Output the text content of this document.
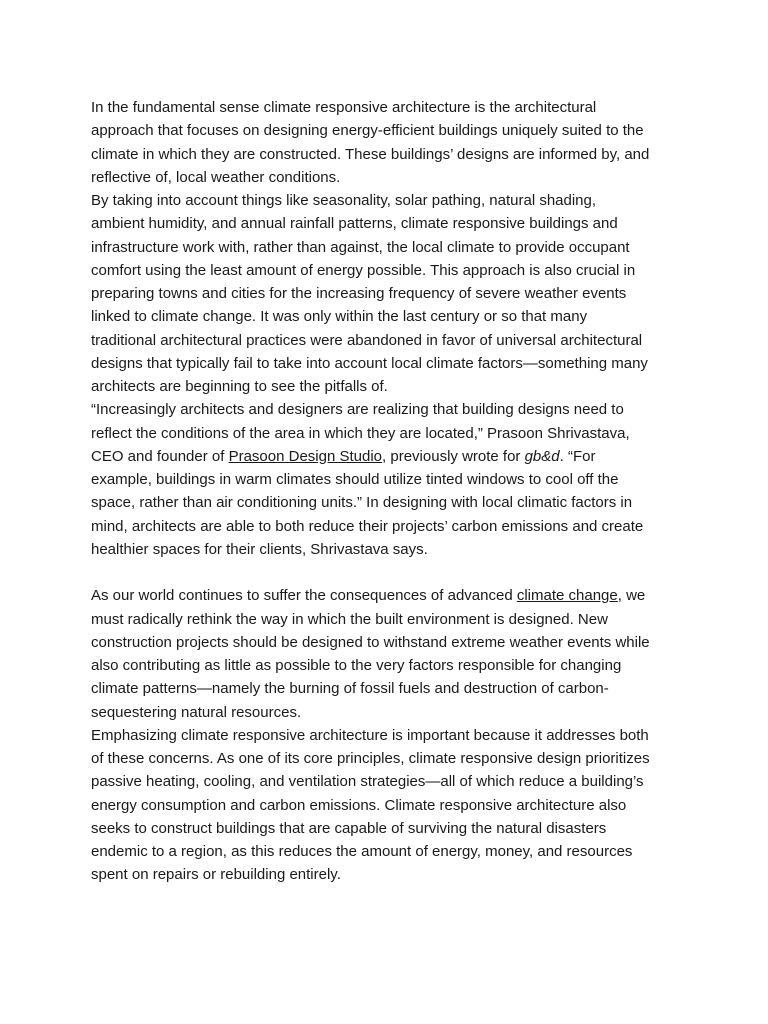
In the fundamental sense climate responsive architecture is the architectural
approach that focuses on designing energy-efficient buildings uniquely suited to the
climate in which they are constructed. These buildings’ designs are informed by, and
reflective of, local weather conditions.

By taking into account things like seasonality, solar pathing, natural shading,
ambient humidity, and annual rainfall patterns, climate responsive buildings and
infrastructure work with, rather than against, the local climate to provide occupant
comfort using the least amount of energy possible. This approach is also crucial in
preparing towns and cities for the increasing frequency of severe weather events
linked to climate change. It was only within the last century or so that many
traditional architectural practices were abandoned in favor of universal architectural
designs that typically fail to take into account local climate factors—something many
architects are beginning to see the pitfalls of.

“Increasingly architects and designers are realizing that building designs need to
reflect the conditions of the area in which they are located,” Prasoon Shrivastava,
CEO and founder of Prasoon Design Studio, previously wrote for gb&d. “For
example, buildings in warm climates should utilize tinted windows to cool off the
space, rather than air conditioning units.” In designing with local climatic factors in
mind, architects are able to both reduce their projects’ carbon emissions and create
healthier spaces for their clients, Shrivastava says.

As our world continues to suffer the consequences of advanced climate change, we
must radically rethink the way in which the built environment is designed. New
construction projects should be designed to withstand extreme weather events while
also contributing as little as possible to the very factors responsible for changing
climate patterns—namely the burning of fossil fuels and destruction of carbon-
sequestering natural resources.

Emphasizing climate responsive architecture is important because it addresses both
of these concerns. As one of its core principles, climate responsive design prioritizes
passive heating, cooling, and ventilation strategies—all of which reduce a building’s
energy consumption and carbon emissions. Climate responsive architecture also
seeks to construct buildings that are capable of surviving the natural disasters
endemic to a region, as this reduces the amount of energy, money, and resources
spent on repairs or rebuilding entirely.
